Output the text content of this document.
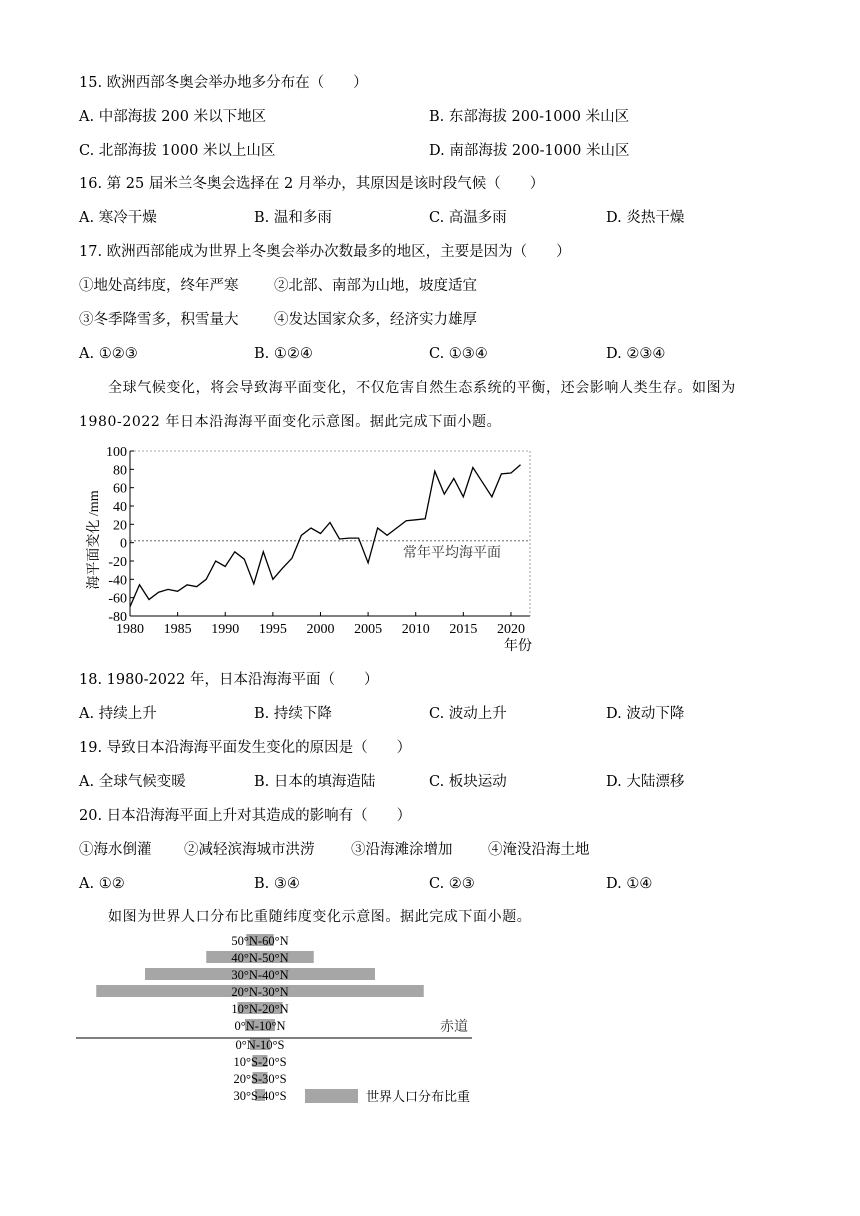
15. 欧洲西部冬奥会举办地多分布在（　　）
A. 中部海拔 200 米以下地区	B. 东部海拔 200-1000 米山区
C. 北部海拔 1000 米以上山区	D. 南部海拔 200-1000 米山区
16. 第 25 届米兰冬奥会选择在 2 月举办，其原因是该时段气候（　　）
A. 寒冷干燥	B. 温和多雨	C. 高温多雨	D. 炎热干燥
17. 欧洲西部能成为世界上冬奥会举办次数最多的地区，主要是因为（　　）
①地处高纬度，终年严寒 ②北部、南部为山地，坡度适宜
③冬季降雪多，积雪量大 ④发达国家众多，经济实力雄厚
A. ①②③	B. ①②④	C. ①③④	D. ②③④
全球气候变化，将会导致海平面变化，不仅危害自然生态系统的平衡，还会影响人类生存。如图为
1980-2022 年日本沿海海平面变化示意图。据此完成下面小题。
海平面变化 /mm
100
80
60
40
20
0
-20
-40
-60
-80
1980 1985 1990 1995 2000 2005 2010 2015 2020
常年平均海平面
年份
18. 1980-2022 年，日本沿海海平面（　　）
A. 持续上升	B. 持续下降	C. 波动上升	D. 波动下降
19. 导致日本沿海海平面发生变化的原因是（　　）
A. 全球气候变暖	B. 日本的填海造陆	C. 板块运动	D. 大陆漂移
20. 日本沿海海平面上升对其造成的影响有（　　）
①海水倒灌 ②减轻滨海城市洪涝	③沿海滩涂增加 ④淹没沿海土地
A. ①②	B. ③④	C. ②③	D. ①④
如图为世界人口分布比重随纬度变化示意图。据此完成下面小题。
50°N-60°N
40°N-50°N
30°N-40°N
20°N-30°N
10°N-20°N
0°N-10°N
0°N-10°S
10°S-20°S
20°S-30°S
30°S-40°S
赤道
世界人口分布比重
